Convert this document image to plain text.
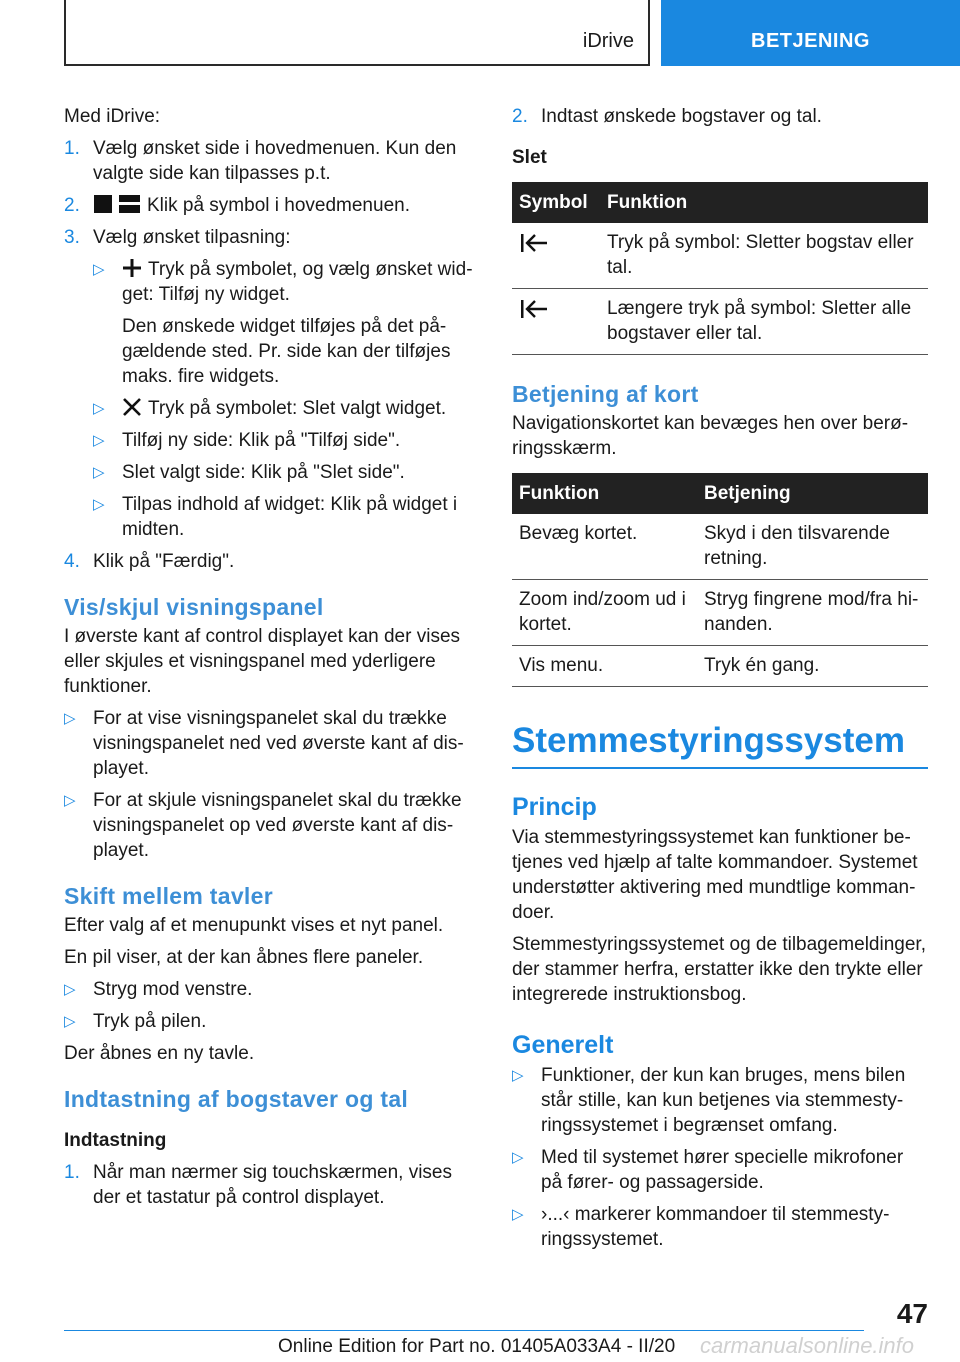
iDrive	BETJENING

Med iDrive:

1. Vælg ønsket side i hovedmenuen. Kun den valgte side kan tilpasses p.t.
2.	Klik på symbol i hovedmenuen.
3. Vælg ønsket tilpasning:
▷	Tryk på symbolet, og vælg ønsket widget: Tilføj ny widget.

Den ønskede widget tilføjes på det pågældende sted. Pr. side kan der tilføjes maks. fire widgets.

▷	Tryk på symbolet: Slet valgt widget.
▷ Tilføj ny side: Klik på "Tilføj side".
▷ Slet valgt side: Klik på "Slet side".
▷ Tilpas indhold af widget: Klik på widget i midten.
4. Klik på "Færdig".
Vis/skjul visningspanel

I øverste kant af control displayet kan der vises eller skjules et visningspanel med yderligere funktioner.

▷ For at vise visningspanelet skal du trække visningspanelet ned ved øverste kant af displayet.
▷ For at skjule visningspanelet skal du trække visningspanelet op ved øverste kant af displayet.
Skift mellem tavler

Efter valg af et menupunkt vises et nyt panel.

En pil viser, at der kan åbnes flere paneler.

▷ Stryg mod venstre.
▷ Tryk på pilen.

Der åbnes en ny tavle.

Indtastning af bogstaver og tal
Indtastning
1. Når man nærmer sig touchskærmen, vises der et tastatur på control displayet.
2. Indtast ønskede bogstaver og tal.
Slet
Symbol	Funktion
	Tryk på symbol: Sletter bogstav eller tal.
	Længere tryk på symbol: Sletter alle bogstaver eller tal.
Betjening af kort

Navigationskortet kan bevæges hen over berøringsskærm.

Funktion	Betjening
Bevæg kortet.	Skyd i den tilsvarende retning.
Zoom ind/zoom ud i kortet.	Stryg fingrene mod/fra hinanden.
Vis menu.	Tryk én gang.
Stemmestyringssystem
Princip

Via stemmestyringssystemet kan funktioner betjenes ved hjælp af talte kommandoer. Systemet understøtter aktivering med mundtlige kommandoer.

Stemmestyringssystemet og de tilbagemeldinger, der stammer herfra, erstatter ikke den trykte eller integrerede instruktionsbog.

Generelt
▷ Funktioner, der kun kan bruges, mens bilen står stille, kan kun betjenes via stemmestyringssystemet i begrænset omfang.
▷ Med til systemet hører specielle mikrofoner på fører- og passagerside.
▷ ›...‹ markerer kommandoer til stemmestyringssystemet.
47
Online Edition for Part no. 01405A033A4 - II/20 carmanualsonline.info
